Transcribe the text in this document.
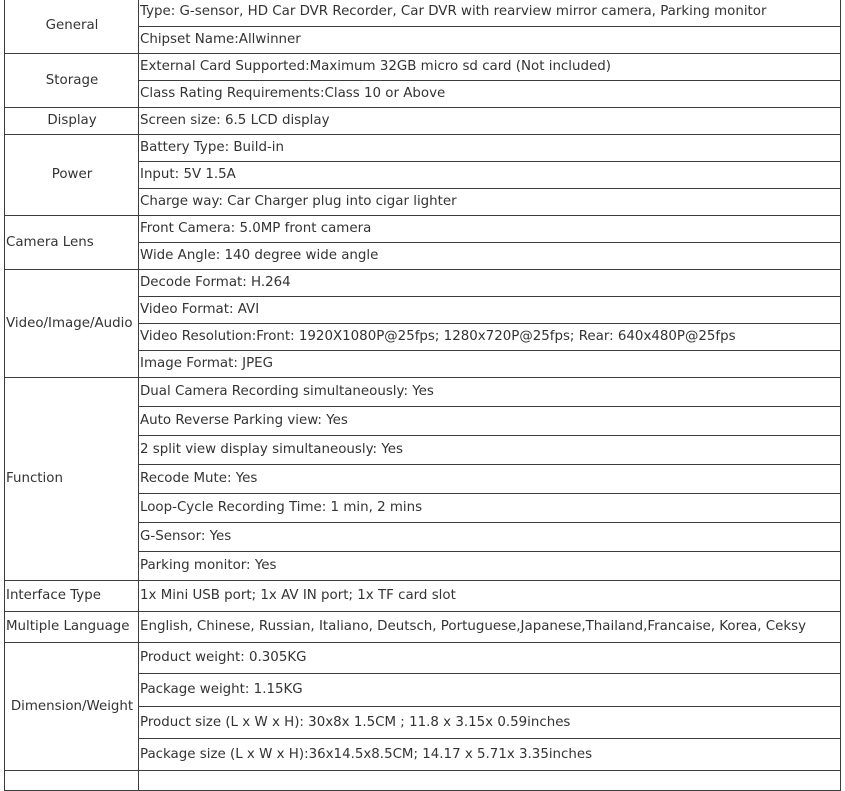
General	Type: G-sensor, HD Car DVR Recorder, Car DVR with rearview mirror camera, Parking monitor
	Chipset Name:Allwinner
Storage	External Card Supported:Maximum 32GB micro sd card (Not included)
	Class Rating Requirements:Class 10 or Above
Display	Screen size: 6.5 LCD display
Power	Battery Type: Build-in
	Input: 5V 1.5A
	Charge way: Car Charger plug into cigar lighter
Camera Lens	Front Camera: 5.0MP front camera
	Wide Angle: 140 degree wide angle
Video/Image/Audio	Decode Format: H.264
	Video Format: AVI
	Video Resolution:Front: 1920X1080P@25fps; 1280x720P@25fps; Rear: 640x480P@25fps
	Image Format: JPEG
Function	Dual Camera Recording simultaneously: Yes
	Auto Reverse Parking view: Yes
	2 split view display simultaneously: Yes
	Recode Mute: Yes
	Loop-Cycle Recording Time: 1 min, 2 mins
	G-Sensor: Yes
	Parking monitor: Yes
Interface Type	1x Mini USB port; 1x AV IN port; 1x TF card slot
Multiple Language	English, Chinese, Russian, Italiano, Deutsch, Portuguese,Japanese,Thailand,Francaise, Korea, Ceksy
Dimension/Weight	Product weight: 0.305KG
	Package weight: 1.15KG
	Product size (L x W x H): 30x8x 1.5CM ; 11.8 x 3.15x 0.59inches
	Package size (L x W x H):36x14.5x8.5CM; 14.17 x 5.71x 3.35inches
